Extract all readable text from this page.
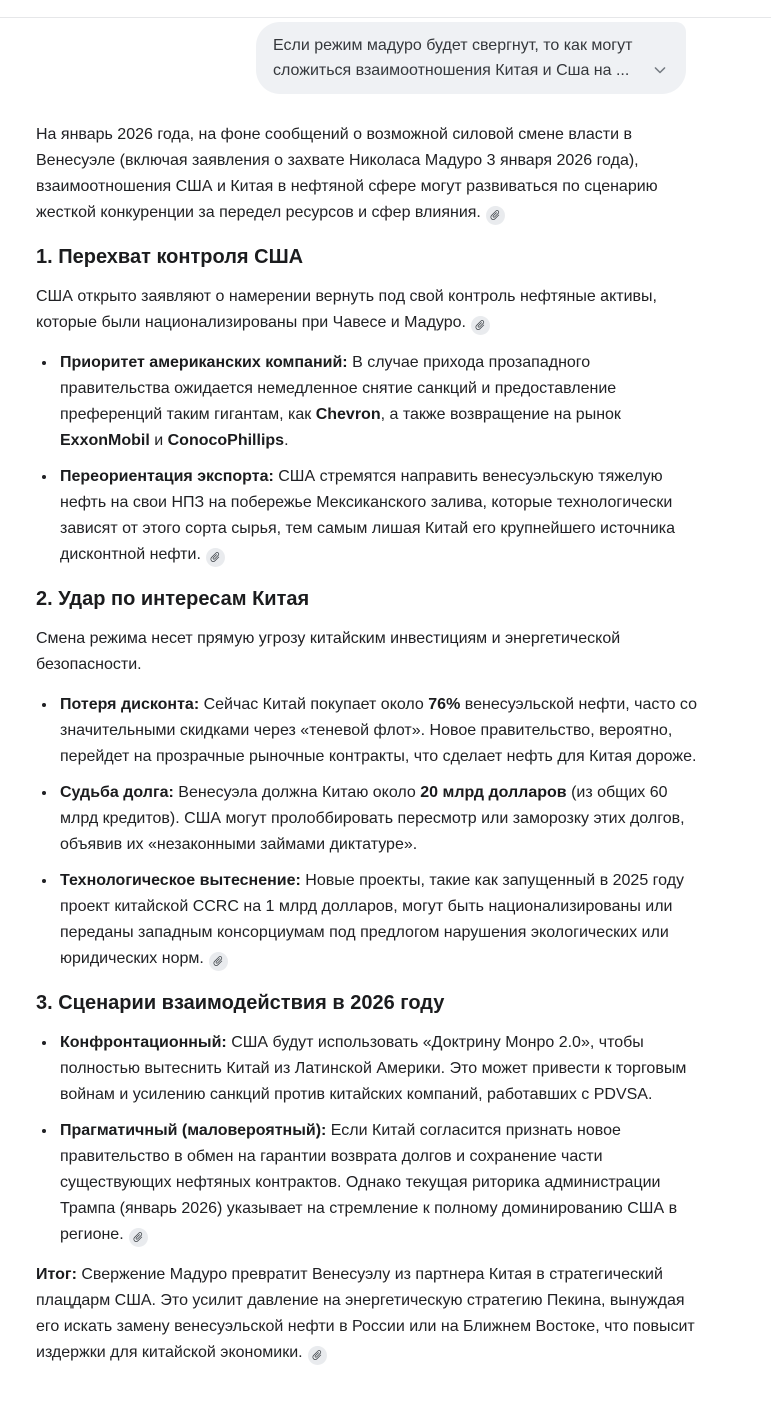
Если режим мадуро будет свергнут, то как могут сложиться взаимоотношения Китая и Сша на ...

На январь 2026 года, на фоне сообщений о возможной силовой смене власти в Венесуэле (включая заявления о захвате Николаса Мадуро 3 января 2026 года), взаимоотношения США и Китая в нефтяной сфере могут развиваться по сценарию жесткой конкуренции за передел ресурсов и сфер влияния.

1. Перехват контроля США

США открыто заявляют о намерении вернуть под свой контроль нефтяные активы, которые были национализированы при Чавесе и Мадуро.

• Приоритет американских компаний: В случае прихода прозападного правительства ожидается немедленное снятие санкций и предоставление преференций таким гигантам, как Chevron, а также возвращение на рынок ExxonMobil и ConocoPhillips.
• Переориентация экспорта: США стремятся направить венесуэльскую тяжелую нефть на свои НПЗ на побережье Мексиканского залива, которые технологически зависят от этого сорта сырья, тем самым лишая Китай его крупнейшего источника дисконтной нефти.
2. Удар по интересам Китая

Смена режима несет прямую угрозу китайским инвестициям и энергетической безопасности.

• Потеря дисконта: Сейчас Китай покупает около 76% венесуэльской нефти, часто со значительными скидками через «теневой флот». Новое правительство, вероятно, перейдет на прозрачные рыночные контракты, что сделает нефть для Китая дороже.
• Судьба долга: Венесуэла должна Китаю около 20 млрд долларов (из общих 60 млрд кредитов). США могут пролоббировать пересмотр или заморозку этих долгов, объявив их «незаконными займами диктатуре».
• Технологическое вытеснение: Новые проекты, такие как запущенный в 2025 году проект китайской CCRC на 1 млрд долларов, могут быть национализированы или переданы западным консорциумам под предлогом нарушения экологических или юридических норм.
3. Сценарии взаимодействия в 2026 году
• Конфронтационный: США будут использовать «Доктрину Монро 2.0», чтобы полностью вытеснить Китай из Латинской Америки. Это может привести к торговым войнам и усилению санкций против китайских компаний, работавших с PDVSA.
• Прагматичный (маловероятный): Если Китай согласится признать новое правительство в обмен на гарантии возврата долгов и сохранение части существующих нефтяных контрактов. Однако текущая риторика администрации Трампа (январь 2026) указывает на стремление к полному доминированию США в регионе.

Итог: Свержение Мадуро превратит Венесуэлу из партнера Китая в стратегический плацдарм США. Это усилит давление на энергетическую стратегию Пекина, вынуждая его искать замену венесуэльской нефти в России или на Ближнем Востоке, что повысит издержки для китайской экономики.
